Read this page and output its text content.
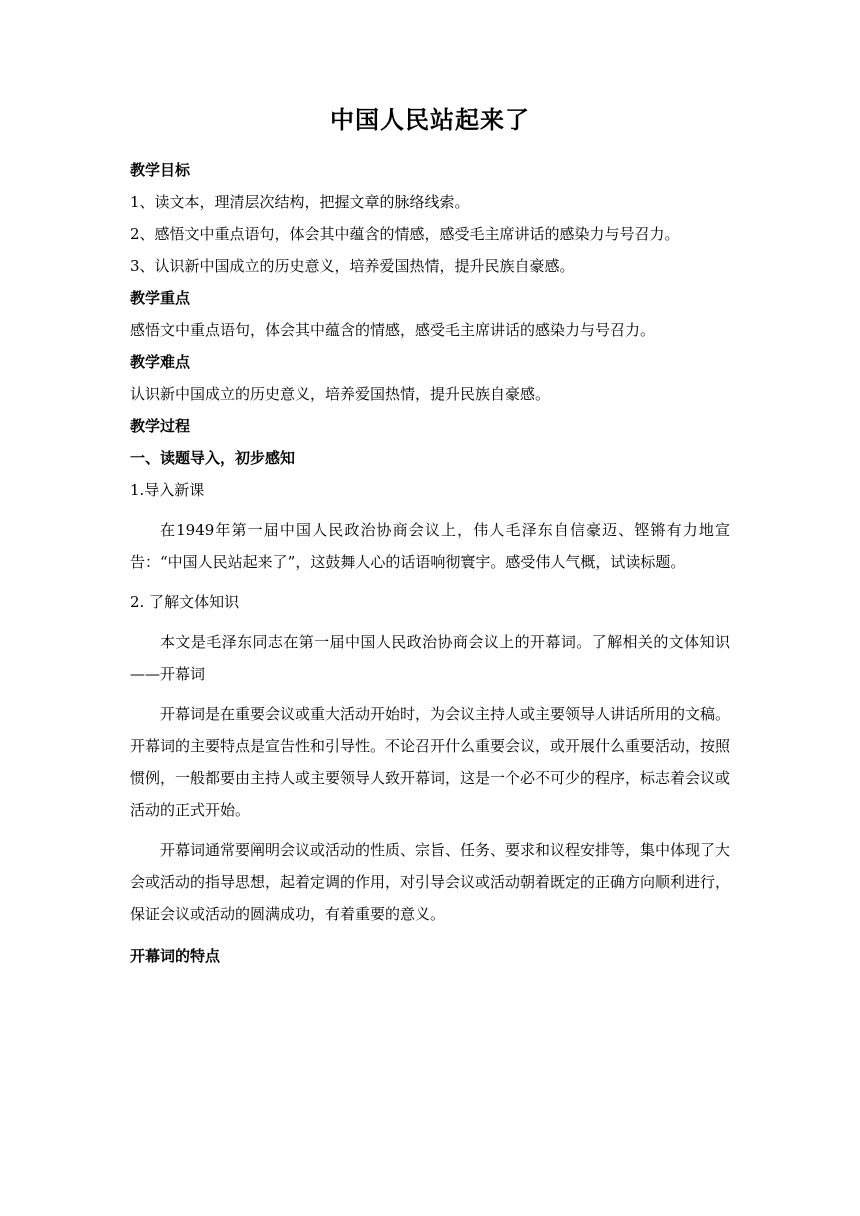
中国人民站起来了
教学目标

1、读文本，理清层次结构，把握文章的脉络线索。

2、感悟文中重点语句，体会其中蕴含的情感，感受毛主席讲话的感染力与号召力。

3、认识新中国成立的历史意义，培养爱国热情，提升民族自豪感。

教学重点

感悟文中重点语句，体会其中蕴含的情感，感受毛主席讲话的感染力与号召力。

教学难点

认识新中国成立的历史意义，培养爱国热情，提升民族自豪感。

教学过程
一、读题导入，初步感知

1.导入新课

在1949年第一届中国人民政治协商会议上，伟人毛泽东自信豪迈、铿锵有力地宣告：“中国人民站起来了”，这鼓舞人心的话语响彻寰宇。感受伟人气概，试读标题。

2. 了解文体知识

本文是毛泽东同志在第一届中国人民政治协商会议上的开幕词。了解相关的文体知识——开幕词

开幕词是在重要会议或重大活动开始时，为会议主持人或主要领导人讲话所用的文稿。开幕词的主要特点是宣告性和引导性。不论召开什么重要会议，或开展什么重要活动，按照惯例，一般都要由主持人或主要领导人致开幕词，这是一个必不可少的程序，标志着会议或活动的正式开始。

开幕词通常要阐明会议或活动的性质、宗旨、任务、要求和议程安排等，集中体现了大会或活动的指导思想，起着定调的作用，对引导会议或活动朝着既定的正确方向顺利进行，保证会议或活动的圆满成功，有着重要的意义。

开幕词的特点
